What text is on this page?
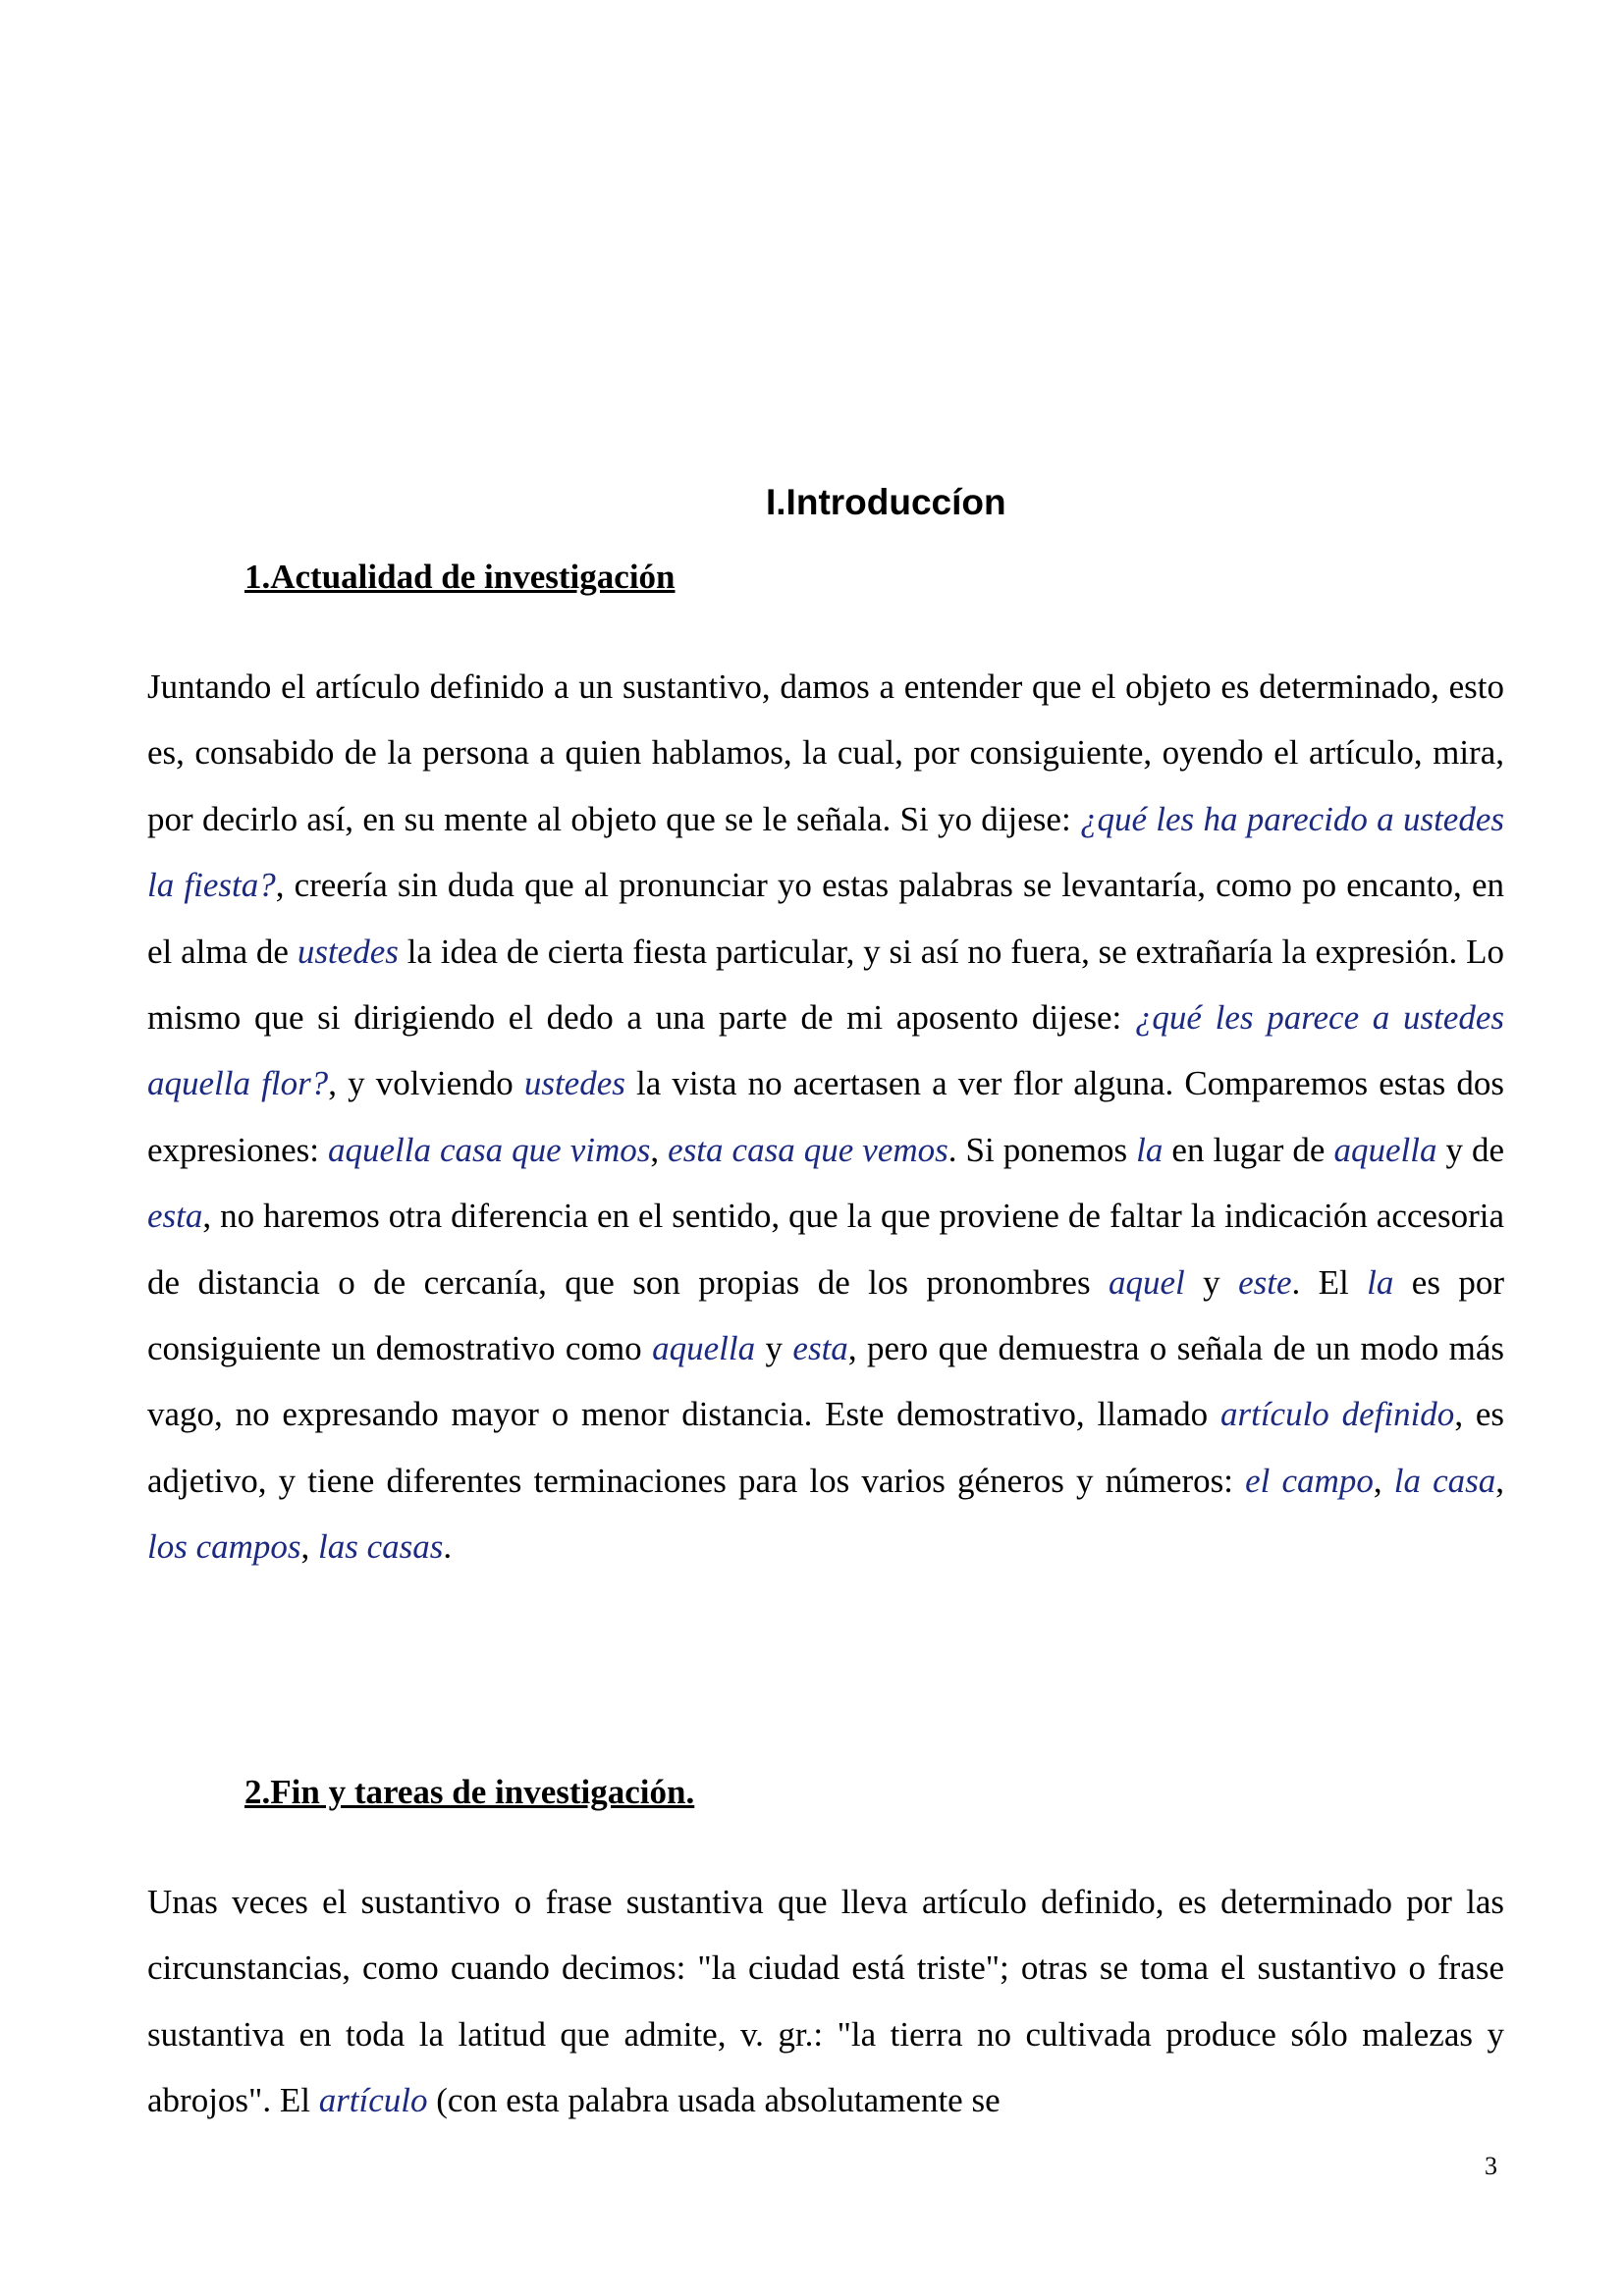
I.Introduccíon
1.Actualidad de investigación

Juntando el artículo definido a un sustantivo, damos a entender que el objeto es determinado, esto es, consabido de la persona a quien hablamos, la cual, por consiguiente, oyendo el artículo, mira, por decirlo así, en su mente al objeto que se le señala. Si yo dijese: ¿qué les ha parecido a ustedes la fiesta?, creería sin duda que al pronunciar yo estas palabras se levantaría, como po encanto, en el alma de ustedes la idea de cierta fiesta particular, y si así no fuera, se extrañaría la expresión. Lo mismo que si dirigiendo el dedo a una parte de mi aposento dijese: ¿qué les parece a ustedes aquella flor?, y volviendo ustedes la vista no acertasen a ver flor alguna. Comparemos estas dos expresiones: aquella casa que vimos, esta casa que vemos. Si ponemos la en lugar de aquella y de esta, no haremos otra diferencia en el sentido, que la que proviene de faltar la indicación accesoria de distancia o de cercanía, que son propias de los pronombres aquel y este. El la es por consiguiente un demostrativo como aquella y esta, pero que demuestra o señala de un modo más vago, no expresando mayor o menor distancia. Este demostrativo, llamado artículo definido, es adjetivo, y tiene diferentes terminaciones para los varios géneros y números: el campo, la casa, los campos, las casas.

2.Fin y tareas de investigación.

Unas veces el sustantivo o frase sustantiva que lleva artículo definido, es determinado por las circunstancias, como cuando decimos: "la ciudad está triste"; otras se toma el sustantivo o frase sustantiva en toda la latitud que admite, v. gr.: "la tierra no cultivada produce sólo malezas y abrojos". El artículo (con esta palabra usada absolutamente se

3
